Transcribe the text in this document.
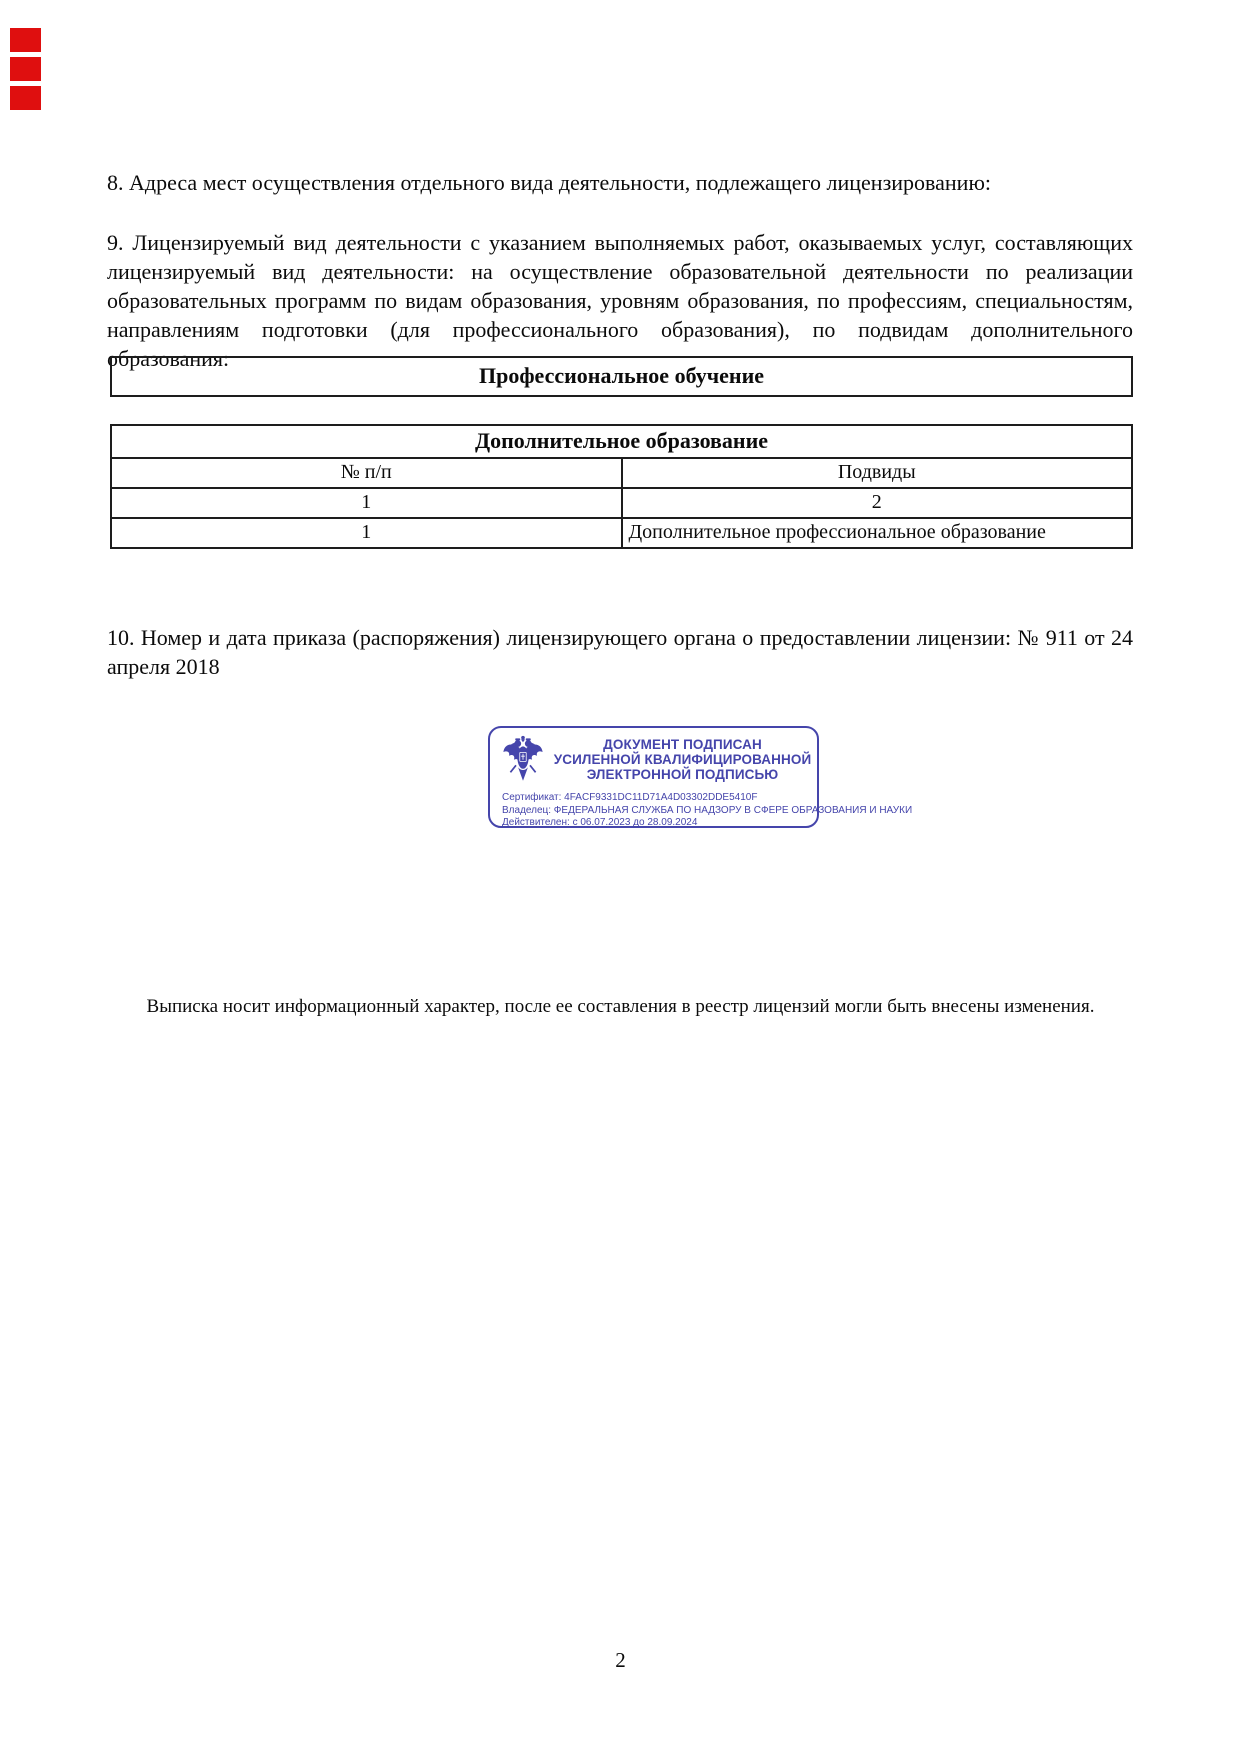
8. Адреса мест осуществления отдельного вида деятельности, подлежащего лицензированию:

9. Лицензируемый вид деятельности с указанием выполняемых работ, оказываемых услуг, составляющих лицензируемый вид деятельности: на осуществление образовательной деятельности по реализации образовательных программ по видам образования, уровням образования, по профессиям, специальностям, направлениям подготовки (для профессионального образования), по подвидам дополнительного образования:

Профессиональное обучение
Дополнительное образование	
№ п/п	Подвиды
1	2
1	Дополнительное профессиональное образование

10. Номер и дата приказа (распоряжения) лицензирующего органа о предоставлении лицензии: № 911 от 24 апреля 2018

ДОКУМЕНТ ПОДПИСАН
УСИЛЕННОЙ КВАЛИФИЦИРОВАННОЙ
ЭЛЕКТРОННОЙ ПОДПИСЬЮ
Сертификат: 4FACF9331DC11D71A4D03302DDE5410F
Владелец: ФЕДЕРАЛЬНАЯ СЛУЖБА ПО НАДЗОРУ В СФЕРЕ ОБРАЗОВАНИЯ И НАУКИ
Действителен: с 06.07.2023 до 28.09.2024
Выписка носит информационный характер, после ее составления в реестр лицензий могли быть внесены изменения.
2
